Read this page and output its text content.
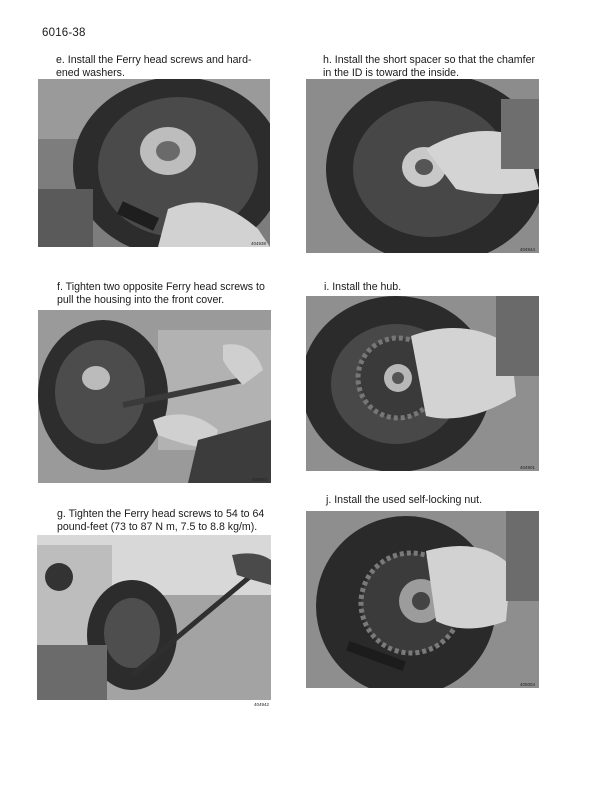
6016-38

e. Install the Ferry head screws and hard-
ened washers.

404938

h. Install the short spacer so that the chamfer
in the ID is toward the inside.

404944

f. Tighten two opposite Ferry head screws to
pull the housing into the front cover.

404940

i. Install the hub.

404901

g. Tighten the Ferry head screws to 54 to 64
pound-feet (73 to 87 N m, 7.5 to 8.8 kg/m).

404942

j. Install the used self-locking nut.

405004
